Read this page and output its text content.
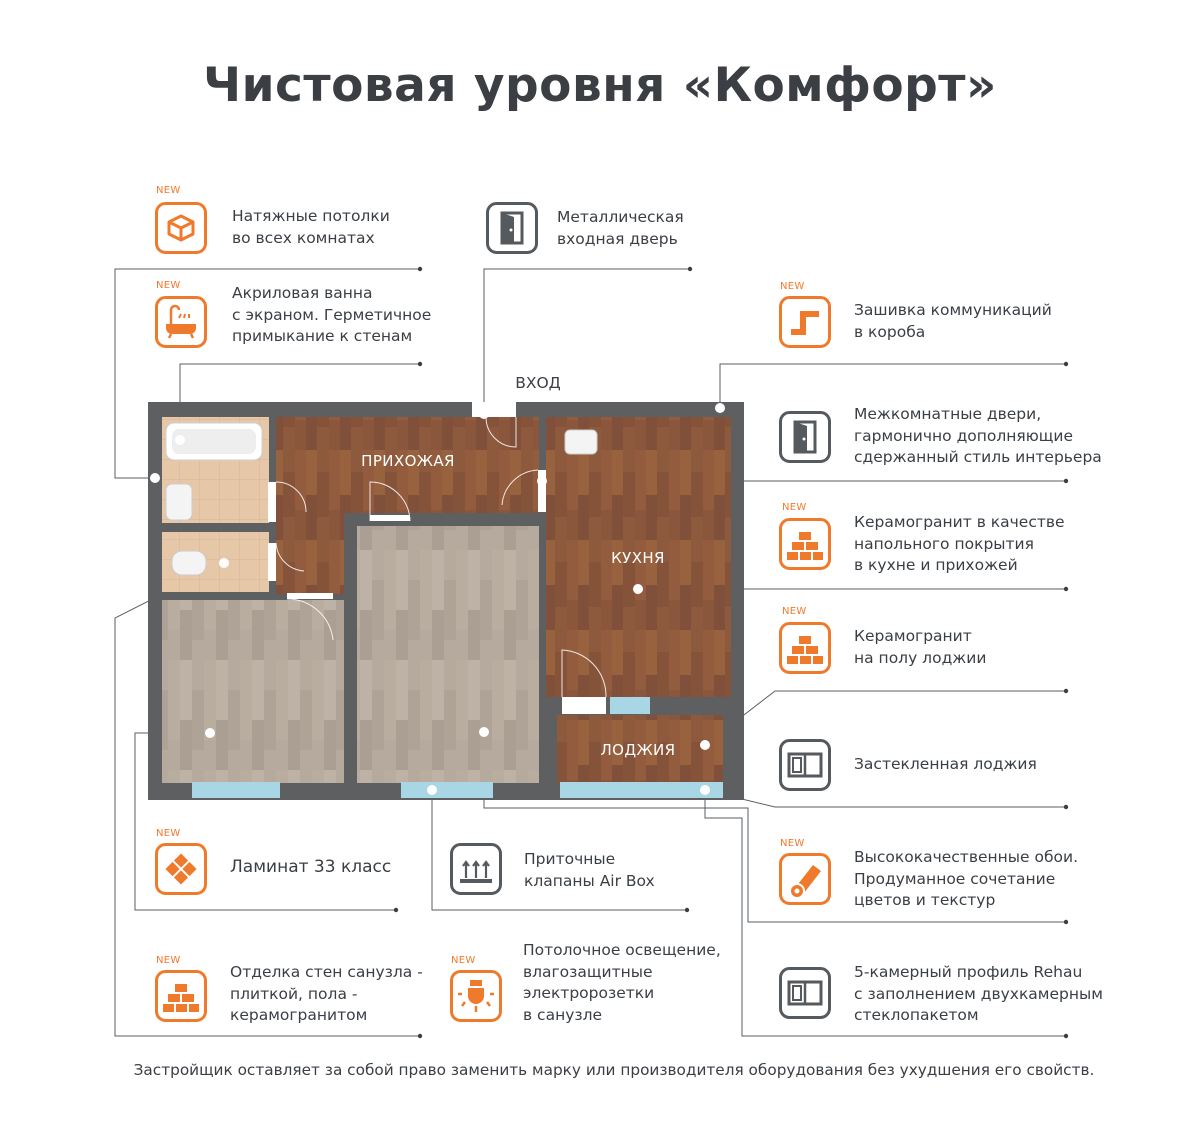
Чистовая уровня «Комфорт»
ПРИХОЖАЯ
КУХНЯ
ЛОДЖИЯ
ВХОД
NEW
Натяжные потолки
во всех комнатах
NEW	Акриловая ванна
с экраном. Герметичное
примыкание к стенам
Металлическая
входная дверь
NEW
Зашивка коммуникаций
в короба
Межкомнатные двери,
гармонично дополняющие
сдержанный стиль интерьера
NEW
Керамогранит в качестве
напольного покрытия
в кухне и прихожей
NEW
Керамогранит
на полу лоджии
Застекленная лоджия
NEW
Ламинат 33 класс	Приточные
клапаны Air Box
NEW
Высококачественные обои.
Продуманное сочетание
цветов и текстур
NEW
Отделка стен санузла -
плиткой, пола -
керамогранитом
NEW
Потолочное освещение,
влагозащитные
электророзетки
в санузле
5-камерный профиль Rehau
с заполнением двухкамерным
стеклопакетом
Застройщик оставляет за собой право заменить марку или производителя оборудования без ухудшения его свойств.
